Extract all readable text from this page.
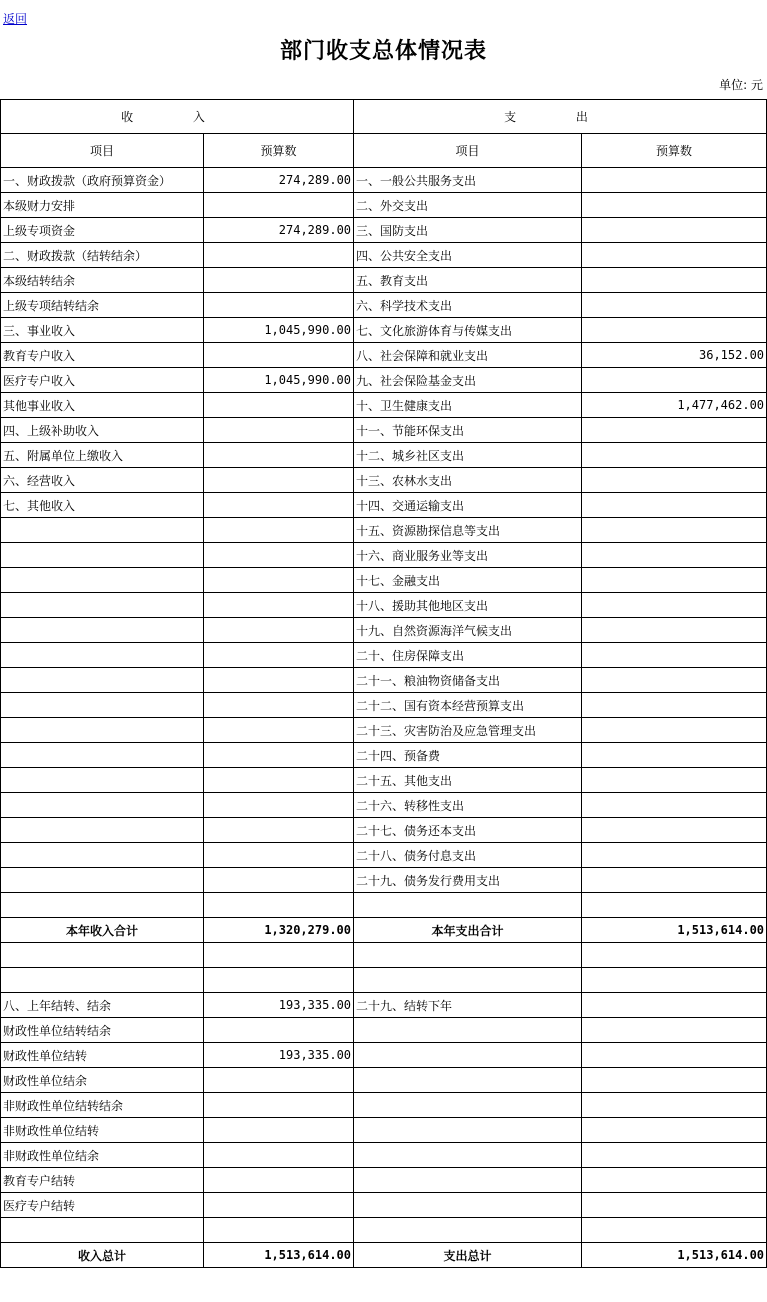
返回
部门收支总体情况表
单位: 元
收 入		支 出	
项目	预算数	项目	预算数
一、财政拨款（政府预算资金）	274,289.00	一、一般公共服务支出	
本级财力安排		二、外交支出	
上级专项资金	274,289.00	三、国防支出	
二、财政拨款（结转结余）		四、公共安全支出	
本级结转结余		五、教育支出	
上级专项结转结余		六、科学技术支出	
三、事业收入	1,045,990.00	七、文化旅游体育与传媒支出	
教育专户收入		八、社会保障和就业支出	36,152.00
医疗专户收入	1,045,990.00	九、社会保险基金支出	
其他事业收入		十、卫生健康支出	1,477,462.00
四、上级补助收入		十一、节能环保支出	
五、附属单位上缴收入		十二、城乡社区支出	
六、经营收入		十三、农林水支出	
七、其他收入		十四、交通运输支出	
		十五、资源勘探信息等支出	
		十六、商业服务业等支出	
		十七、金融支出	
		十八、援助其他地区支出	
		十九、自然资源海洋气候支出	
		二十、住房保障支出	
		二十一、粮油物资储备支出	
		二十二、国有资本经营预算支出	
		二十三、灾害防治及应急管理支出	
		二十四、预备费	
		二十五、其他支出	
		二十六、转移性支出	
		二十七、债务还本支出	
		二十八、债务付息支出	
		二十九、债务发行费用支出	

本年收入合计	1,320,279.00	本年支出合计	1,513,614.00

八、上年结转、结余	193,335.00	二十九、结转下年	
财政性单位结转结余			
财政性单位结转	193,335.00		
财政性单位结余			
非财政性单位结转结余			
非财政性单位结转			
非财政性单位结余			
教育专户结转			
医疗专户结转			

收入总计	1,513,614.00	支出总计	1,513,614.00
